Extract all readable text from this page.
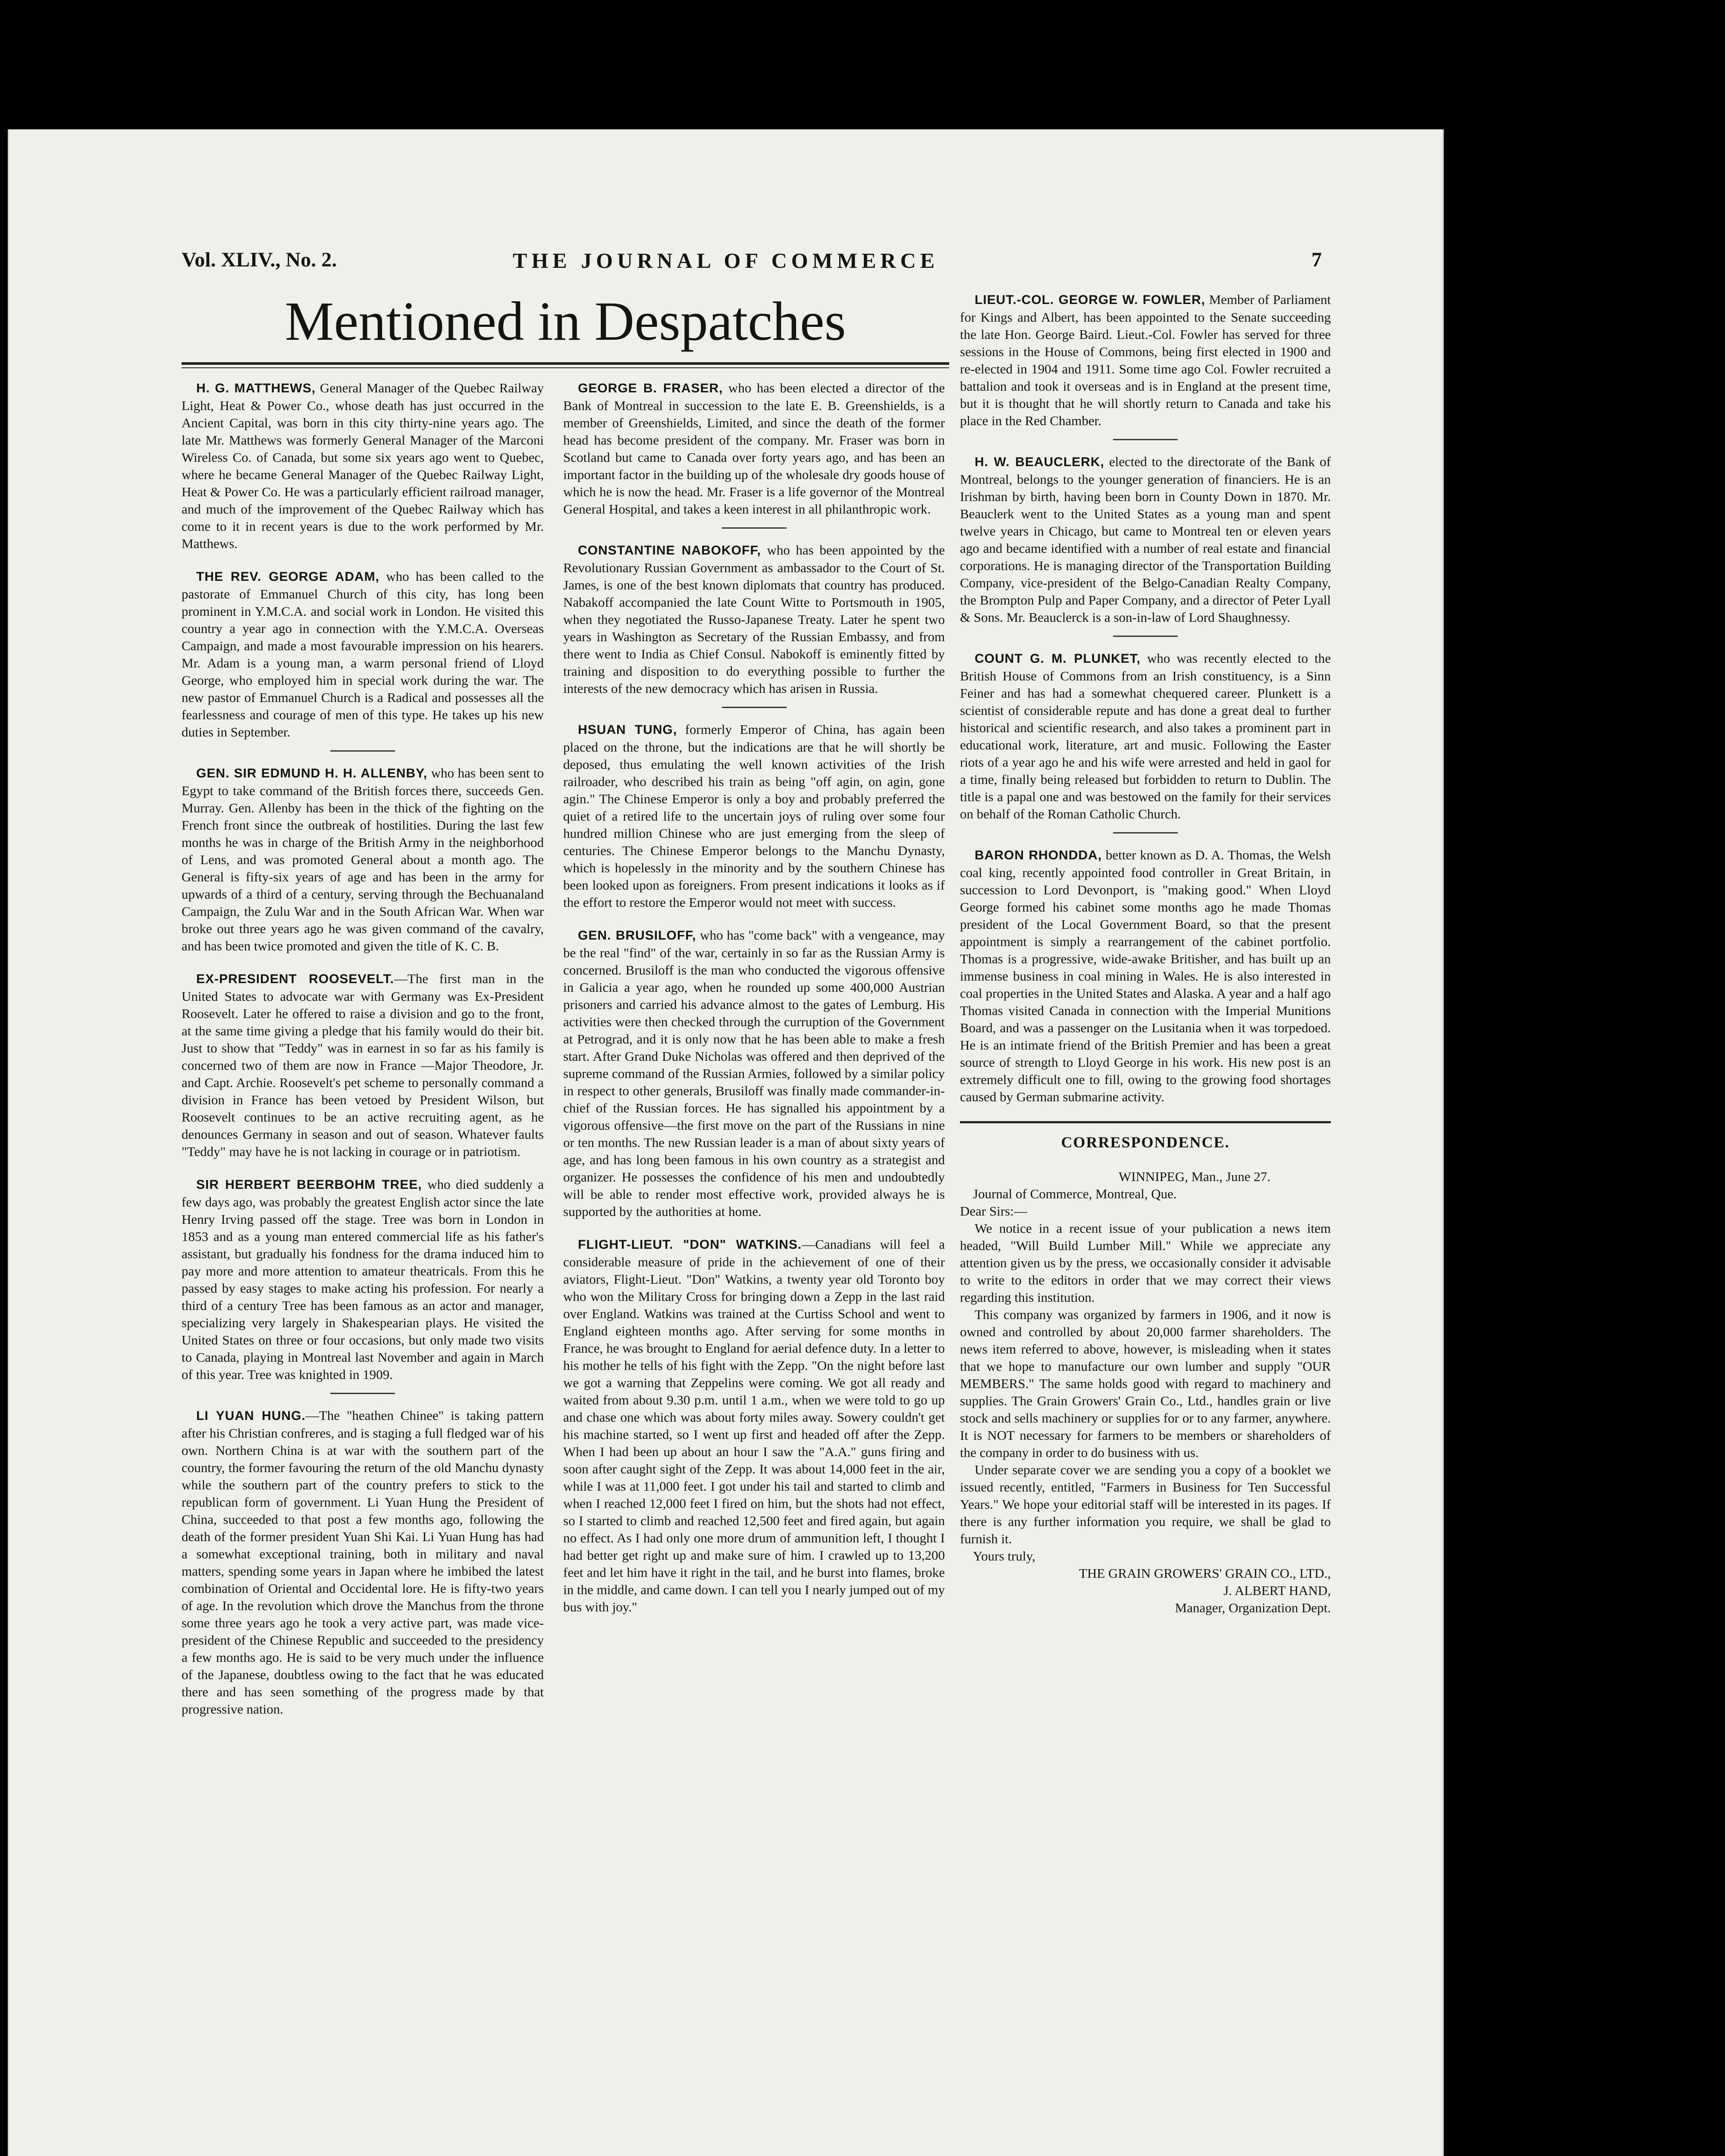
Vol. XLIV., No. 2.	THE JOURNAL OF COMMERCE	7
Mentioned in Despatches

H. G. MATTHEWS, General Manager of the Quebec Railway Light, Heat & Power Co., whose death has just occurred in the Ancient Capital, was born in this city thirty-nine years ago. The late Mr. Matthews was formerly General Manager of the Marconi Wireless Co. of Canada, but some six years ago went to Quebec, where he became General Manager of the Quebec Railway Light, Heat & Power Co. He was a particularly efficient railroad manager, and much of the improvement of the Quebec Railway which has come to it in recent years is due to the work performed by Mr. Matthews.

THE REV. GEORGE ADAM, who has been called to the pastorate of Emmanuel Church of this city, has long been prominent in Y.M.C.A. and social work in London. He visited this country a year ago in connection with the Y.M.C.A. Overseas Campaign, and made a most favourable impression on his hearers. Mr. Adam is a young man, a warm personal friend of Lloyd George, who employed him in special work during the war. The new pastor of Emmanuel Church is a Radical and possesses all the fearlessness and courage of men of this type. He takes up his new duties in September.

GEN. SIR EDMUND H. H. ALLENBY, who has been sent to Egypt to take command of the British forces there, succeeds Gen. Murray. Gen. Allenby has been in the thick of the fighting on the French front since the outbreak of hostilities. During the last few months he was in charge of the British Army in the neighborhood of Lens, and was promoted General about a month ago. The General is fifty-six years of age and has been in the army for upwards of a third of a century, serving through the Bechuanaland Campaign, the Zulu War and in the South African War. When war broke out three years ago he was given command of the cavalry, and has been twice promoted and given the title of K. C. B.

EX-PRESIDENT ROOSEVELT.—The first man in the United States to advocate war with Germany was Ex-President Roosevelt. Later he offered to raise a division and go to the front, at the same time giving a pledge that his family would do their bit. Just to show that "Teddy" was in earnest in so far as his family is concerned two of them are now in France —Major Theodore, Jr. and Capt. Archie. Roosevelt's pet scheme to personally command a division in France has been vetoed by President Wilson, but Roosevelt continues to be an active recruiting agent, as he denounces Germany in season and out of season. Whatever faults "Teddy" may have he is not lacking in courage or in patriotism.

SIR HERBERT BEERBOHM TREE, who died suddenly a few days ago, was probably the greatest English actor since the late Henry Irving passed off the stage. Tree was born in London in 1853 and as a young man entered commercial life as his father's assistant, but gradually his fondness for the drama induced him to pay more and more attention to amateur theatricals. From this he passed by easy stages to make acting his profession. For nearly a third of a century Tree has been famous as an actor and manager, specializing very largely in Shakespearian plays. He visited the United States on three or four occasions, but only made two visits to Canada, playing in Montreal last November and again in March of this year. Tree was knighted in 1909.

LI YUAN HUNG.—The "heathen Chinee" is taking pattern after his Christian confreres, and is staging a full fledged war of his own. Northern China is at war with the southern part of the country, the former favouring the return of the old Manchu dynasty while the southern part of the country prefers to stick to the republican form of government. Li Yuan Hung the President of China, succeeded to that post a few months ago, following the death of the former president Yuan Shi Kai. Li Yuan Hung has had a somewhat exceptional training, both in military and naval matters, spending some years in Japan where he imbibed the latest combination of Oriental and Occidental lore. He is fifty-two years of age. In the revolution which drove the Manchus from the throne some three years ago he took a very active part, was made vice-president of the Chinese Republic and succeeded to the presidency a few months ago. He is said to be very much under the influence of the Japanese, doubtless owing to the fact that he was educated there and has seen something of the progress made by that progressive nation.

GEORGE B. FRASER, who has been elected a director of the Bank of Montreal in succession to the late E. B. Greenshields, is a member of Greenshields, Limited, and since the death of the former head has become president of the company. Mr. Fraser was born in Scotland but came to Canada over forty years ago, and has been an important factor in the building up of the wholesale dry goods house of which he is now the head. Mr. Fraser is a life governor of the Montreal General Hospital, and takes a keen interest in all philanthropic work.

CONSTANTINE NABOKOFF, who has been appointed by the Revolutionary Russian Government as ambassador to the Court of St. James, is one of the best known diplomats that country has produced. Nabakoff accompanied the late Count Witte to Portsmouth in 1905, when they negotiated the Russo-Japanese Treaty. Later he spent two years in Washington as Secretary of the Russian Embassy, and from there went to India as Chief Consul. Nabokoff is eminently fitted by training and disposition to do everything possible to further the interests of the new democracy which has arisen in Russia.

HSUAN TUNG, formerly Emperor of China, has again been placed on the throne, but the indications are that he will shortly be deposed, thus emulating the well known activities of the Irish railroader, who described his train as being "off agin, on agin, gone agin." The Chinese Emperor is only a boy and probably preferred the quiet of a retired life to the uncertain joys of ruling over some four hundred million Chinese who are just emerging from the sleep of centuries. The Chinese Emperor belongs to the Manchu Dynasty, which is hopelessly in the minority and by the southern Chinese has been looked upon as foreigners. From present indications it looks as if the effort to restore the Emperor would not meet with success.

GEN. BRUSILOFF, who has "come back" with a vengeance, may be the real "find" of the war, certainly in so far as the Russian Army is concerned. Brusiloff is the man who conducted the vigorous offensive in Galicia a year ago, when he rounded up some 400,000 Austrian prisoners and carried his advance almost to the gates of Lemburg. His activities were then checked through the curruption of the Government at Petrograd, and it is only now that he has been able to make a fresh start. After Grand Duke Nicholas was offered and then deprived of the supreme command of the Russian Armies, followed by a similar policy in respect to other generals, Brusiloff was finally made commander-in-chief of the Russian forces. He has signalled his appointment by a vigorous offensive—the first move on the part of the Russians in nine or ten months. The new Russian leader is a man of about sixty years of age, and has long been famous in his own country as a strategist and organizer. He possesses the confidence of his men and undoubtedly will be able to render most effective work, provided always he is supported by the authorities at home.

FLIGHT-LIEUT. "DON" WATKINS.—Canadians will feel a considerable measure of pride in the achievement of one of their aviators, Flight-Lieut. "Don" Watkins, a twenty year old Toronto boy who won the Military Cross for bringing down a Zepp in the last raid over England. Watkins was trained at the Curtiss School and went to England eighteen months ago. After serving for some months in France, he was brought to England for aerial defence duty. In a letter to his mother he tells of his fight with the Zepp. "On the night before last we got a warning that Zeppelins were coming. We got all ready and waited from about 9.30 p.m. until 1 a.m., when we were told to go up and chase one which was about forty miles away. Sowery couldn't get his machine started, so I went up first and headed off after the Zepp. When I had been up about an hour I saw the "A.A." guns firing and soon after caught sight of the Zepp. It was about 14,000 feet in the air, while I was at 11,000 feet. I got under his tail and started to climb and when I reached 12,000 feet I fired on him, but the shots had not effect, so I started to climb and reached 12,500 feet and fired again, but again no effect. As I had only one more drum of ammunition left, I thought I had better get right up and make sure of him. I crawled up to 13,200 feet and let him have it right in the tail, and he burst into flames, broke in the middle, and came down. I can tell you I nearly jumped out of my bus with joy."

LIEUT.-COL. GEORGE W. FOWLER, Member of Parliament for Kings and Albert, has been appointed to the Senate succeeding the late Hon. George Baird. Lieut.-Col. Fowler has served for three sessions in the House of Commons, being first elected in 1900 and re-elected in 1904 and 1911. Some time ago Col. Fowler recruited a battalion and took it overseas and is in England at the present time, but it is thought that he will shortly return to Canada and take his place in the Red Chamber.

H. W. BEAUCLERK, elected to the directorate of the Bank of Montreal, belongs to the younger generation of financiers. He is an Irishman by birth, having been born in County Down in 1870. Mr. Beauclerk went to the United States as a young man and spent twelve years in Chicago, but came to Montreal ten or eleven years ago and became identified with a number of real estate and financial corporations. He is managing director of the Transportation Building Company, vice-president of the Belgo-Canadian Realty Company, the Brompton Pulp and Paper Company, and a director of Peter Lyall & Sons. Mr. Beauclerck is a son-in-law of Lord Shaughnessy.

COUNT G. M. PLUNKET, who was recently elected to the British House of Commons from an Irish constituency, is a Sinn Feiner and has had a somewhat chequered career. Plunkett is a scientist of considerable repute and has done a great deal to further historical and scientific research, and also takes a prominent part in educational work, literature, art and music. Following the Easter riots of a year ago he and his wife were arrested and held in gaol for a time, finally being released but forbidden to return to Dublin. The title is a papal one and was bestowed on the family for their services on behalf of the Roman Catholic Church.

BARON RHONDDA, better known as D. A. Thomas, the Welsh coal king, recently appointed food controller in Great Britain, in succession to Lord Devonport, is "making good." When Lloyd George formed his cabinet some months ago he made Thomas president of the Local Government Board, so that the present appointment is simply a rearrangement of the cabinet portfolio. Thomas is a progressive, wide-awake Britisher, and has built up an immense business in coal mining in Wales. He is also interested in coal properties in the United States and Alaska. A year and a half ago Thomas visited Canada in connection with the Imperial Munitions Board, and was a passenger on the Lusitania when it was torpedoed. He is an intimate friend of the British Premier and has been a great source of strength to Lloyd George in his work. His new post is an extremely difficult one to fill, owing to the growing food shortages caused by German submarine activity.

CORRESPONDENCE.

WINNIPEG, Man., June 27.

Journal of Commerce, Montreal, Que.

Dear Sirs:—

We notice in a recent issue of your publication a news item headed, "Will Build Lumber Mill." While we appreciate any attention given us by the press, we occasionally consider it advisable to write to the editors in order that we may correct their views regarding this institution.

This company was organized by farmers in 1906, and it now is owned and controlled by about 20,000 farmer shareholders. The news item referred to above, however, is misleading when it states that we hope to manufacture our own lumber and supply "OUR MEMBERS." The same holds good with regard to machinery and supplies. The Grain Growers' Grain Co., Ltd., handles grain or live stock and sells machinery or supplies for or to any farmer, anywhere. It is NOT necessary for farmers to be members or shareholders of the company in order to do business with us.

Under separate cover we are sending you a copy of a booklet we issued recently, entitled, "Farmers in Business for Ten Successful Years." We hope your editorial staff will be interested in its pages. If there is any further information you require, we shall be glad to furnish it.

Yours truly,

THE GRAIN GROWERS' GRAIN CO., LTD.,

J. ALBERT HAND,

Manager, Organization Dept.
